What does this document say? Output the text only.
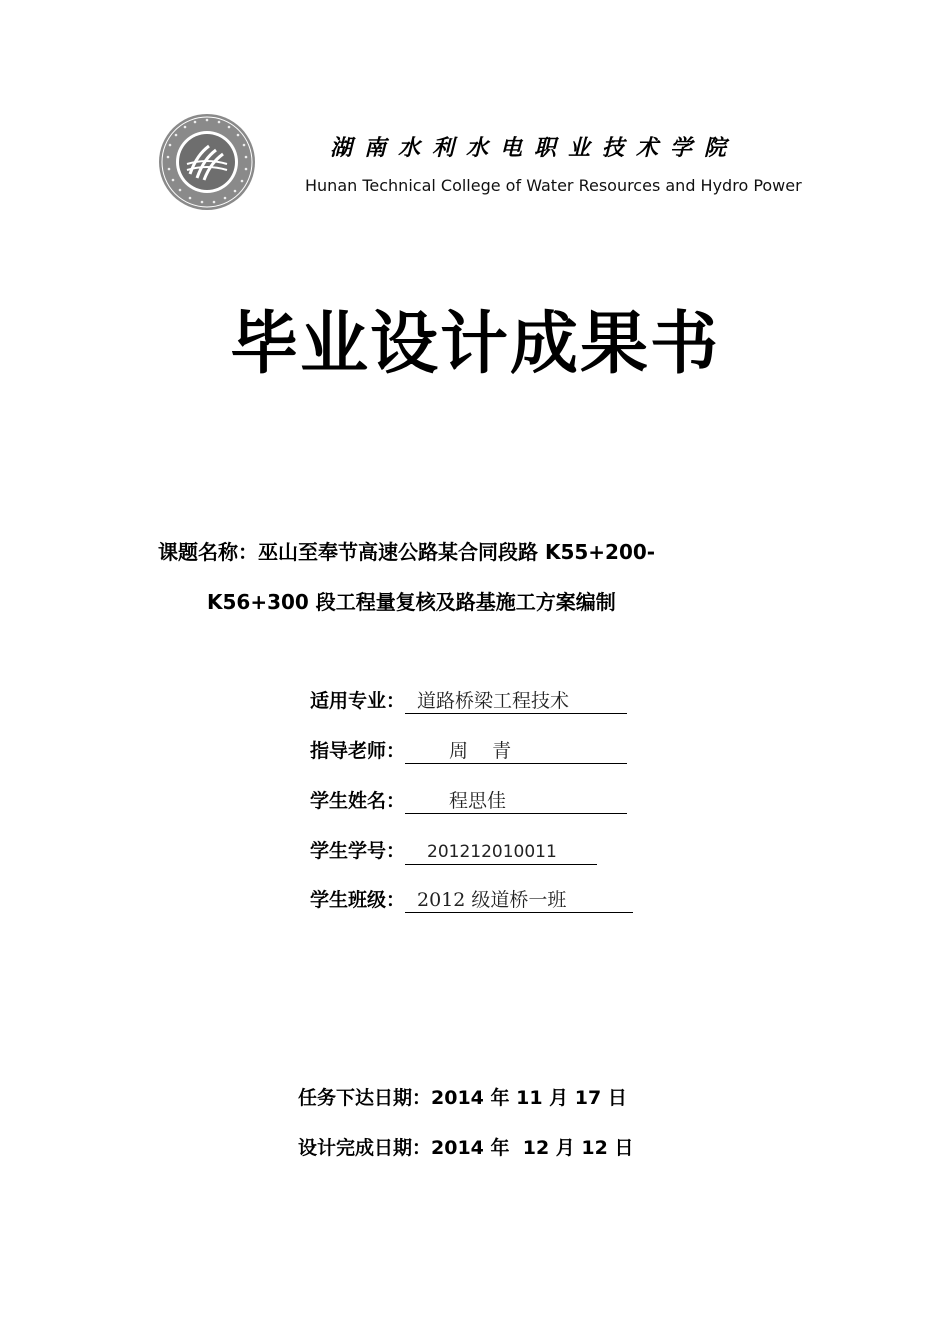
湖南水利水电职业技术学院
Hunan Technical College of Water Resources and Hydro Power
毕业设计成果书
课题名称：巫山至奉节高速公路某合同段路 K55+200-
K56+300 段工程量复核及路基施工方案编制
适用专业： 道路桥梁工程技术
指导老师： 周    青
学生姓名： 程思佳
学生学号： 201212010011
学生班级： 2012 级道桥一班
任务下达日期：2014 年 11 月 17 日
设计完成日期：2014 年  12 月 12 日
